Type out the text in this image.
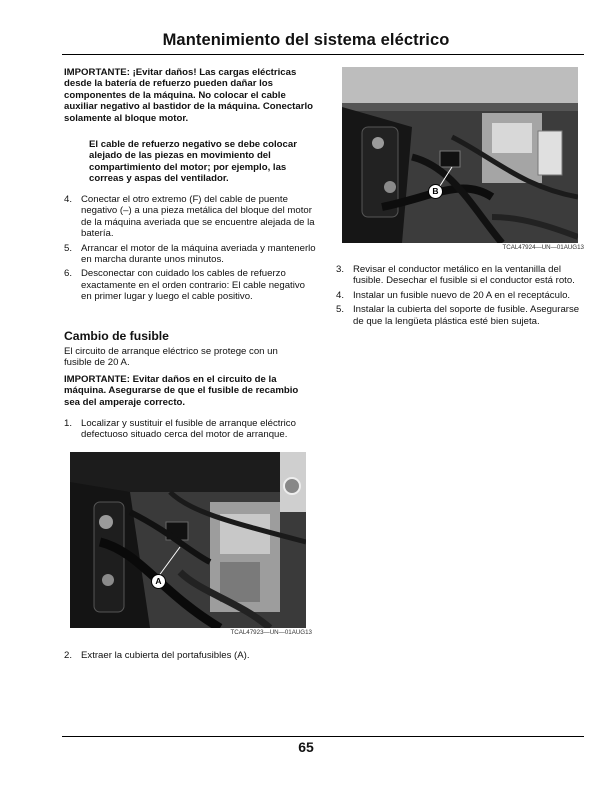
Mantenimiento del sistema eléctrico
IMPORTANTE: ¡Evitar daños! Las cargas eléctricas desde la batería de refuerzo pueden dañar los componentes de la máquina. No colocar el cable auxiliar negativo al bastidor de la máquina. Conectarlo solamente al bloque motor.
El cable de refuerzo negativo se debe colocar alejado de las piezas en movimiento del compartimiento del motor; por ejemplo, las correas y aspas del ventilador.
4. Conectar el otro extremo (F) del cable de puente negativo (–) a una pieza metálica del bloque del motor de la máquina averiada que se encuentre alejada de la batería.
5. Arrancar el motor de la máquina averiada y mantenerlo en marcha durante unos minutos.
6. Desconectar con cuidado los cables de refuerzo exactamente en el orden contrario: El cable negativo en primer lugar y luego el cable positivo.
Cambio de fusible
El circuito de arranque eléctrico se protege con un fusible de 20 A.
IMPORTANTE: Evitar daños en el circuito de la máquina. Asegurarse de que el fusible de recambio sea del amperaje correcto.
1. Localizar y sustituir el fusible de arranque eléctrico defectuoso situado cerca del motor de arranque.
A
TCAL47923—UN—01AUG13
2. Extraer la cubierta del portafusibles (A).
B
TCAL47924—UN—01AUG13
3. Revisar el conductor metálico en la ventanilla del fusible. Desechar el fusible si el conductor está roto.
4. Instalar un fusible nuevo de 20 A en el receptáculo.
5. Instalar la cubierta del soporte de fusible. Asegurarse de que la lengüeta plástica esté bien sujeta.
65
